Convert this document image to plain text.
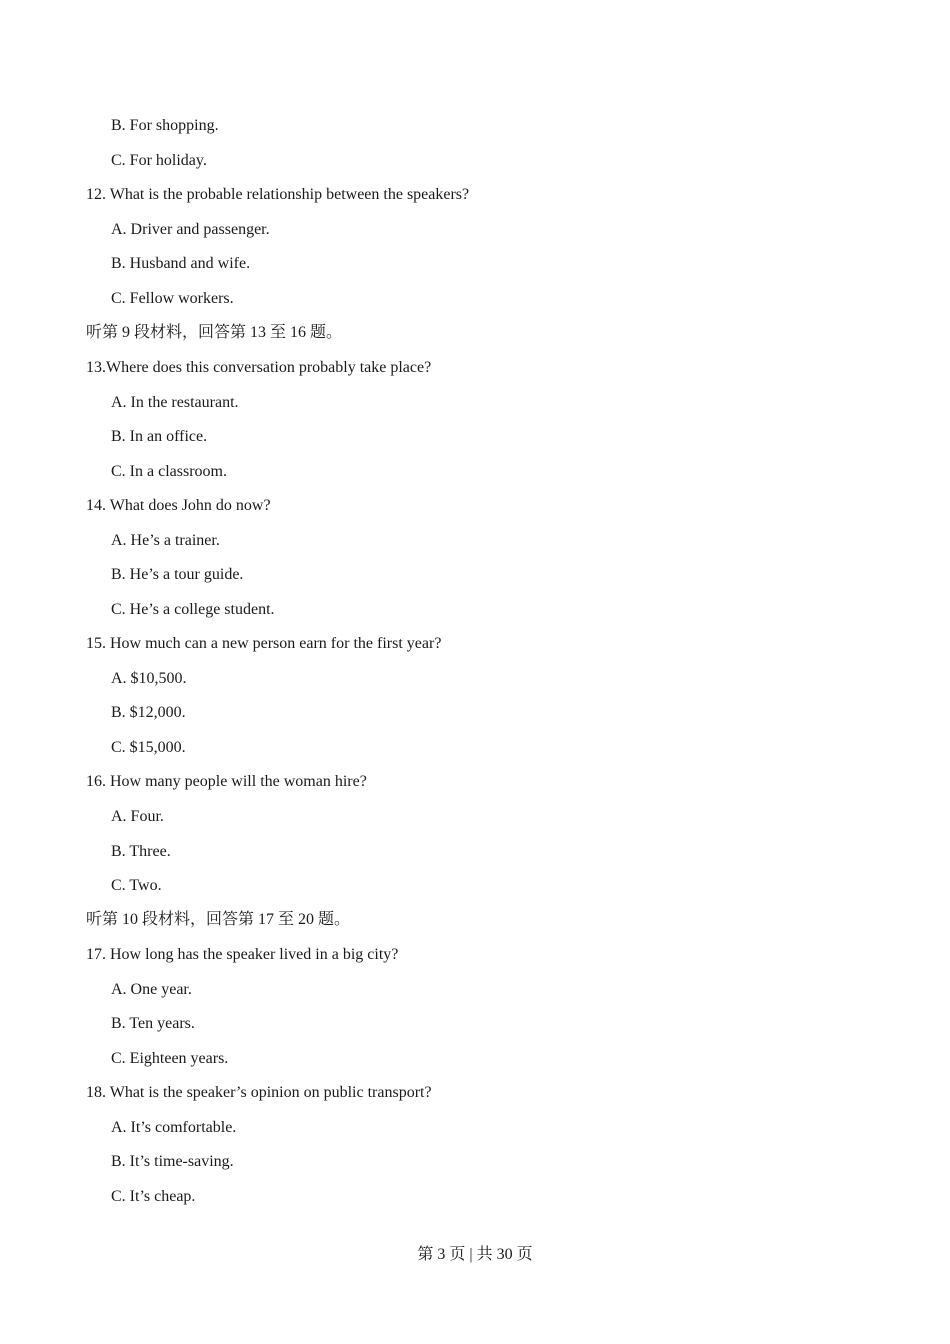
B. For shopping.
C. For holiday.
12. What is the probable relationship between the speakers?
A. Driver and passenger.
B. Husband and wife.
C. Fellow workers.
听第 9 段材料，回答第 13 至 16 题。
13.Where does this conversation probably take place?
A. In the restaurant.
B. In an office.
C. In a classroom.
14. What does John do now?
A. He’s a trainer.
B. He’s a tour guide.
C. He’s a college student.
15. How much can a new person earn for the first year?
A. $10,500.
B. $12,000.
C. $15,000.
16. How many people will the woman hire?
A. Four.
B. Three.
C. Two.
听第 10 段材料，回答第 17 至 20 题。
17. How long has the speaker lived in a big city?
A. One year.
B. Ten years.
C. Eighteen years.
18. What is the speaker’s opinion on public transport?
A. It’s comfortable.
B. It’s time-saving.
C. It’s cheap.
第 3 页 | 共 30 页
